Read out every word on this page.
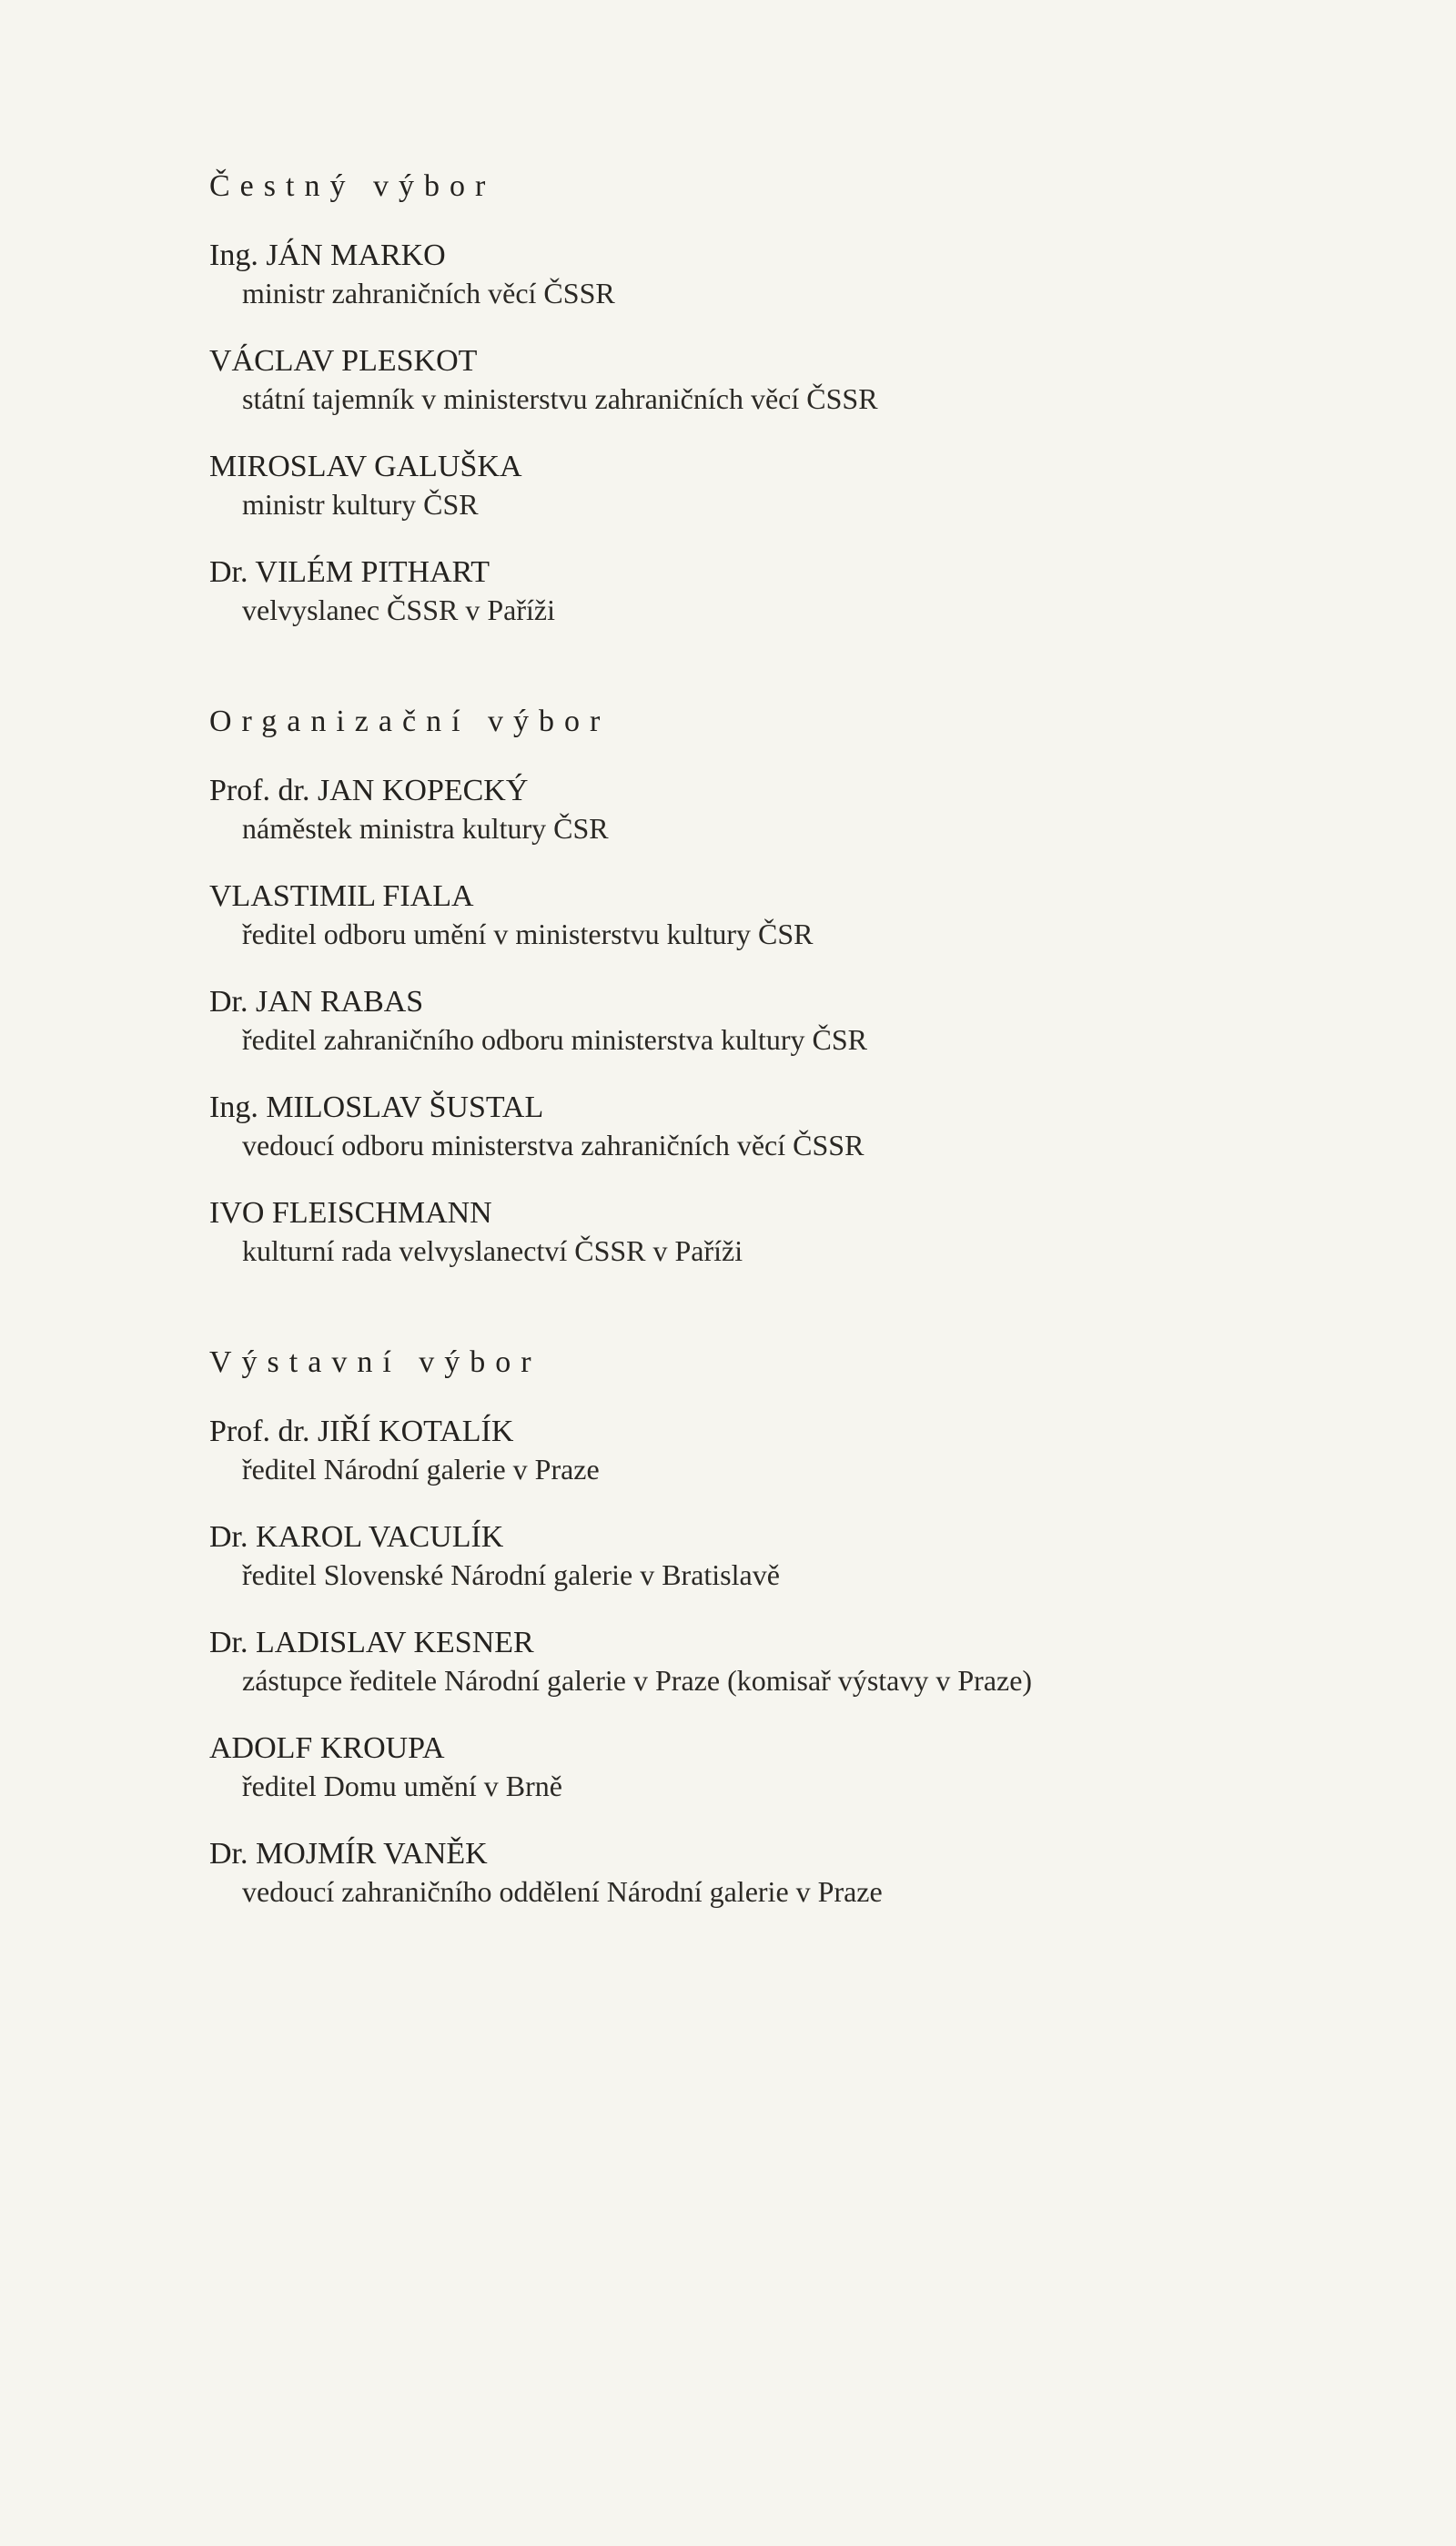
Čestný výbor
Ing. JÁN MARKO
ministr zahraničních věcí ČSSR
VÁCLAV PLESKOT
státní tajemník v ministerstvu zahraničních věcí ČSSR
MIROSLAV GALUŠKA
ministr kultury ČSR
Dr. VILÉM PITHART
velvyslanec ČSSR v Paříži
Organizační výbor
Prof. dr. JAN KOPECKÝ
náměstek ministra kultury ČSR
VLASTIMIL FIALA
ředitel odboru umění v ministerstvu kultury ČSR
Dr. JAN RABAS
ředitel zahraničního odboru ministerstva kultury ČSR
Ing. MILOSLAV ŠUSTAL
vedoucí odboru ministerstva zahraničních věcí ČSSR
IVO FLEISCHMANN
kulturní rada velvyslanectví ČSSR v Paříži
Výstavní výbor
Prof. dr. JIŘÍ KOTALÍK
ředitel Národní galerie v Praze
Dr. KAROL VACULÍK
ředitel Slovenské Národní galerie v Bratislavě
Dr. LADISLAV KESNER
zástupce ředitele Národní galerie v Praze (komisař výstavy v Praze)
ADOLF KROUPA
ředitel Domu umění v Brně
Dr. MOJMÍR VANĚK
vedoucí zahraničního oddělení Národní galerie v Praze
